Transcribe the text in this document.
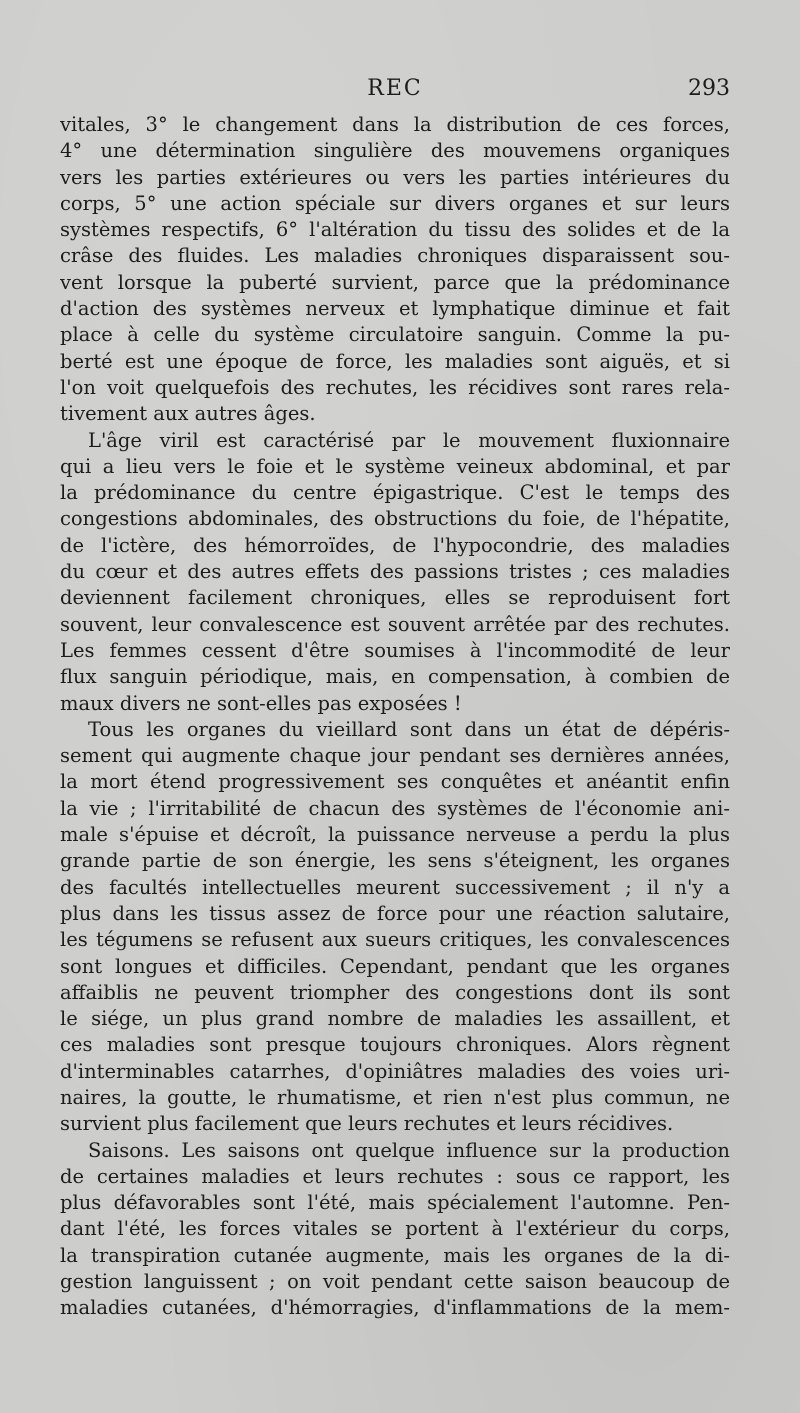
REC	293
vitales, 3° le changement dans la distribution de ces forces,
4° une détermination singulière des mouvemens organiques
vers les parties extérieures ou vers les parties intérieures du
corps, 5° une action spéciale sur divers organes et sur leurs
systèmes respectifs, 6° l'altération du tissu des solides et de la
crâse des fluides. Les maladies chroniques disparaissent sou-
vent lorsque la puberté survient, parce que la prédominance
d'action des systèmes nerveux et lymphatique diminue et fait
place à celle du système circulatoire sanguin. Comme la pu-
berté est une époque de force, les maladies sont aiguës, et si
l'on voit quelquefois des rechutes, les récidives sont rares rela-
tivement aux autres âges.
L'âge viril est caractérisé par le mouvement fluxionnaire
qui a lieu vers le foie et le système veineux abdominal, et par
la prédominance du centre épigastrique. C'est le temps des
congestions abdominales, des obstructions du foie, de l'hépatite,
de l'ictère, des hémorroïdes, de l'hypocondrie, des maladies
du cœur et des autres effets des passions tristes ; ces maladies
deviennent facilement chroniques, elles se reproduisent fort
souvent, leur convalescence est souvent arrêtée par des rechutes.
Les femmes cessent d'être soumises à l'incommodité de leur
flux sanguin périodique, mais, en compensation, à combien de
maux divers ne sont-elles pas exposées !
Tous les organes du vieillard sont dans un état de dépéris-
sement qui augmente chaque jour pendant ses dernières années,
la mort étend progressivement ses conquêtes et anéantit enfin
la vie ; l'irritabilité de chacun des systèmes de l'économie ani-
male s'épuise et décroît, la puissance nerveuse a perdu la plus
grande partie de son énergie, les sens s'éteignent, les organes
des facultés intellectuelles meurent successivement ; il n'y a
plus dans les tissus assez de force pour une réaction salutaire,
les tégumens se refusent aux sueurs critiques, les convalescences
sont longues et difficiles. Cependant, pendant que les organes
affaiblis ne peuvent triompher des congestions dont ils sont
le siége, un plus grand nombre de maladies les assaillent, et
ces maladies sont presque toujours chroniques. Alors règnent
d'interminables catarrhes, d'opiniâtres maladies des voies uri-
naires, la goutte, le rhumatisme, et rien n'est plus commun, ne
survient plus facilement que leurs rechutes et leurs récidives.
Saisons. Les saisons ont quelque influence sur la production
de certaines maladies et leurs rechutes : sous ce rapport, les
plus défavorables sont l'été, mais spécialement l'automne. Pen-
dant l'été, les forces vitales se portent à l'extérieur du corps,
la transpiration cutanée augmente, mais les organes de la di-
gestion languissent ; on voit pendant cette saison beaucoup de
maladies cutanées, d'hémorragies, d'inflammations de la mem-
